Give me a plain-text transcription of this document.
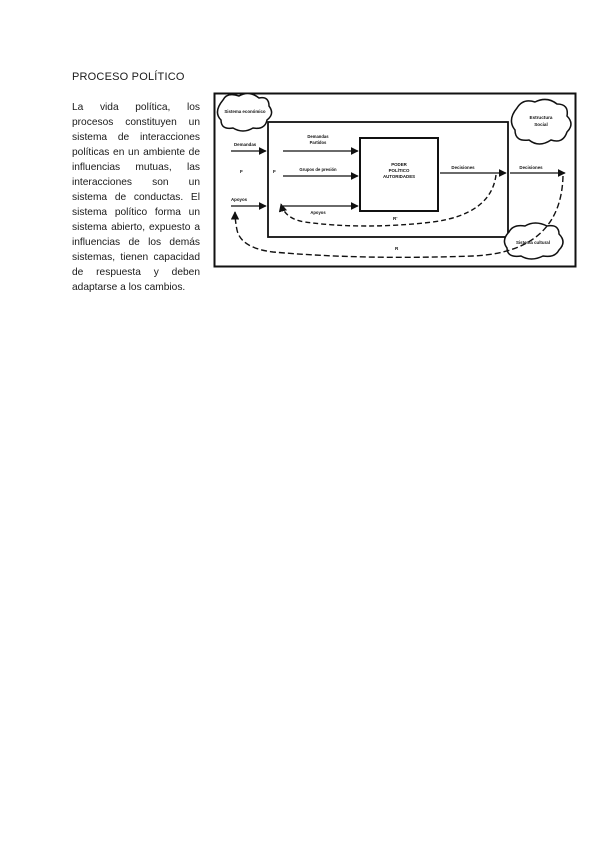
PROCESO POLÍTICO
La vida política, los procesos constituyen un sistema de interacciones políticas en un ambiente de influencias mutuas, las interacciones son un sistema de conductas. El sistema político forma un sistema abierto, expuesto a influencias de los demás sistemas, tienen capacidad de respuesta y deben adaptarse a los cambios.
Sistema económico
Estructura
Social
Sistema cultural
Demandas
Demandas
Partidos
Grupos de presión
Apoyos
Apoyos
PODER
POLÍTICO
AUTORIDADES
Decisiones	Decisiones
F	F
R'
R
